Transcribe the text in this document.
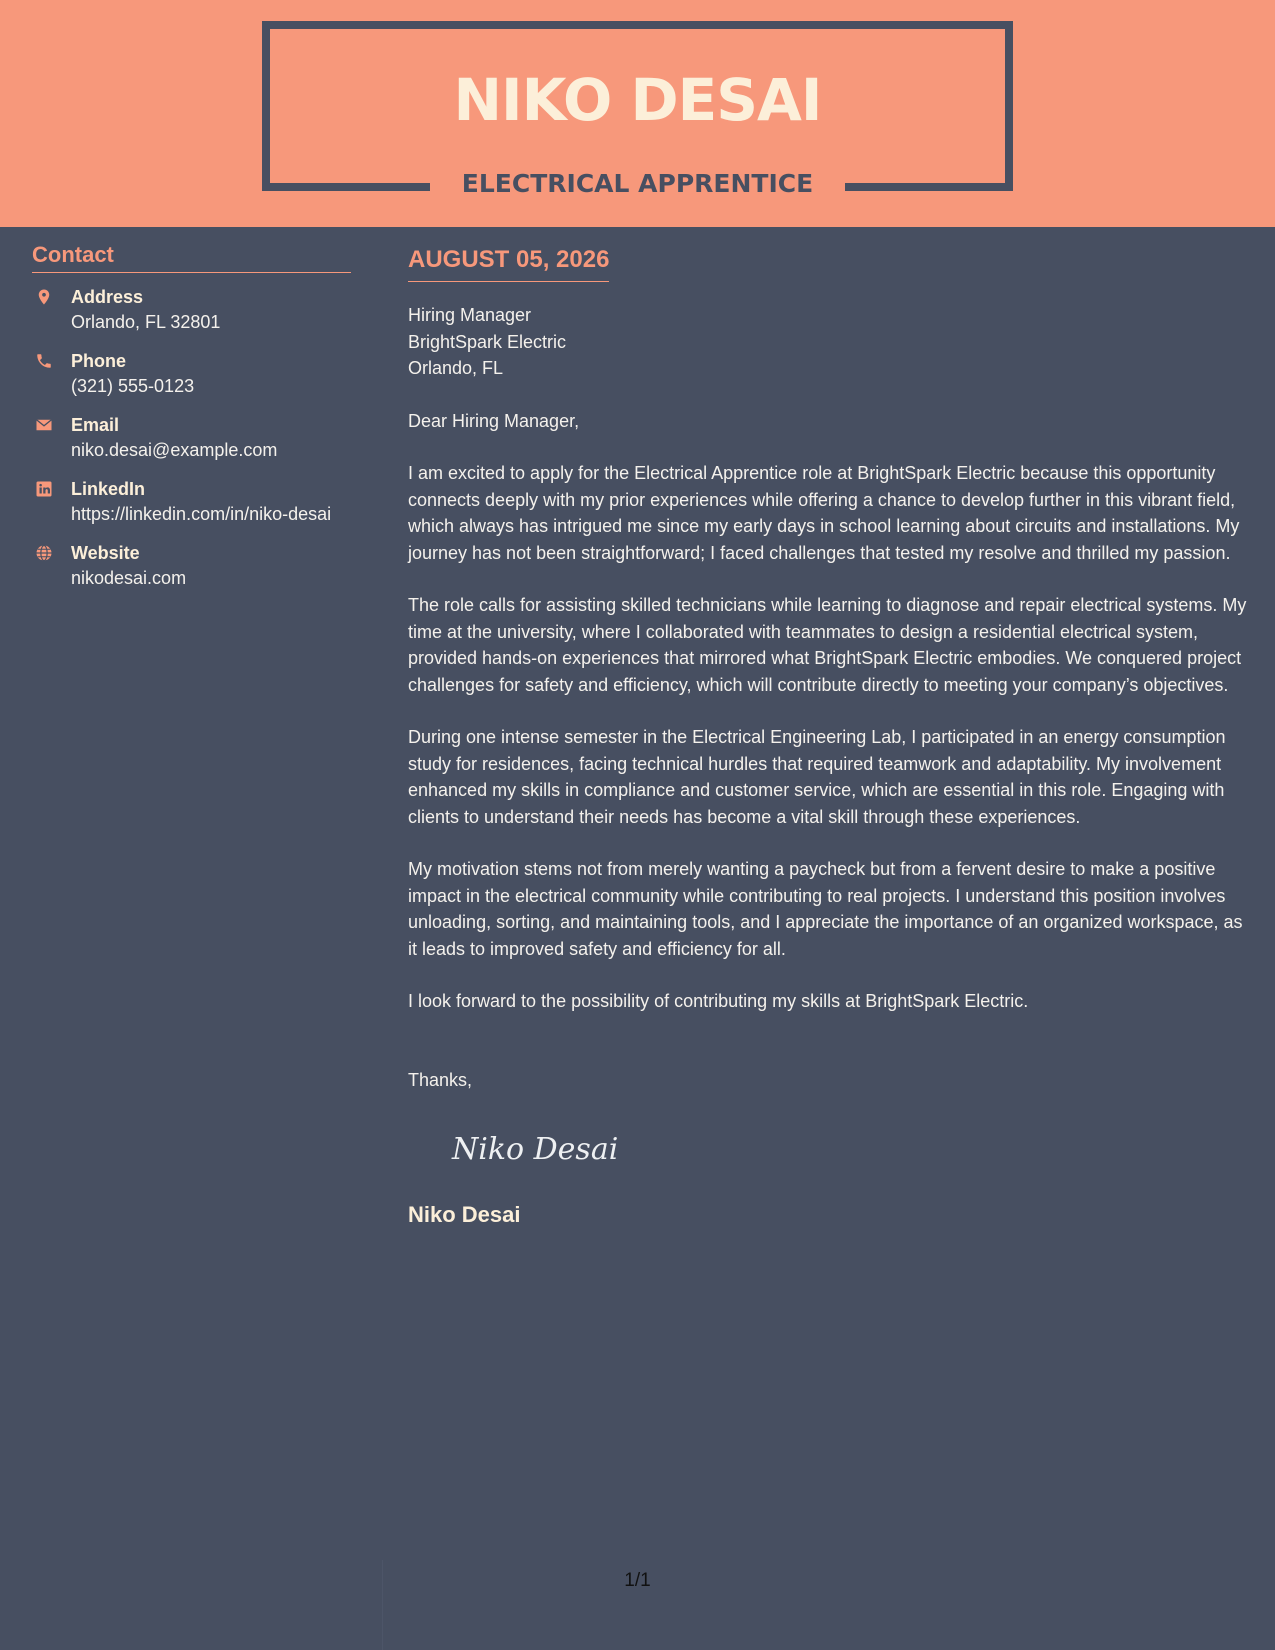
NIKO DESAI
ELECTRICAL APPRENTICE
Contact
Address
Orlando, FL 32801
Phone
(321) 555-0123
Email
niko.desai@example.com
LinkedIn
https://linkedin.com/in/niko-desai
Website
nikodesai.com
AUGUST 05, 2026
Hiring Manager
BrightSpark Electric
Orlando, FL

Dear Hiring Manager,

I am excited to apply for the Electrical Apprentice role at BrightSpark Electric because this opportunity connects deeply with my prior experiences while offering a chance to develop further in this vibrant field, which always has intrigued me since my early days in school learning about circuits and installations. My journey has not been straightforward; I faced challenges that tested my resolve and thrilled my passion.

The role calls for assisting skilled technicians while learning to diagnose and repair electrical systems. My time at the university, where I collaborated with teammates to design a residential electrical system, provided hands-on experiences that mirrored what BrightSpark Electric embodies. We conquered project challenges for safety and efficiency, which will contribute directly to meeting your company’s objectives.

During one intense semester in the Electrical Engineering Lab, I participated in an energy consumption study for residences, facing technical hurdles that required teamwork and adaptability. My involvement enhanced my skills in compliance and customer service, which are essential in this role. Engaging with clients to understand their needs has become a vital skill through these experiences.

My motivation stems not from merely wanting a paycheck but from a fervent desire to make a positive impact in the electrical community while contributing to real projects. I understand this position involves unloading, sorting, and maintaining tools, and I appreciate the importance of an organized workspace, as it leads to improved safety and efficiency for all.

I look forward to the possibility of contributing my skills at BrightSpark Electric.

Thanks,
Niko Desai
Niko Desai
1/1
